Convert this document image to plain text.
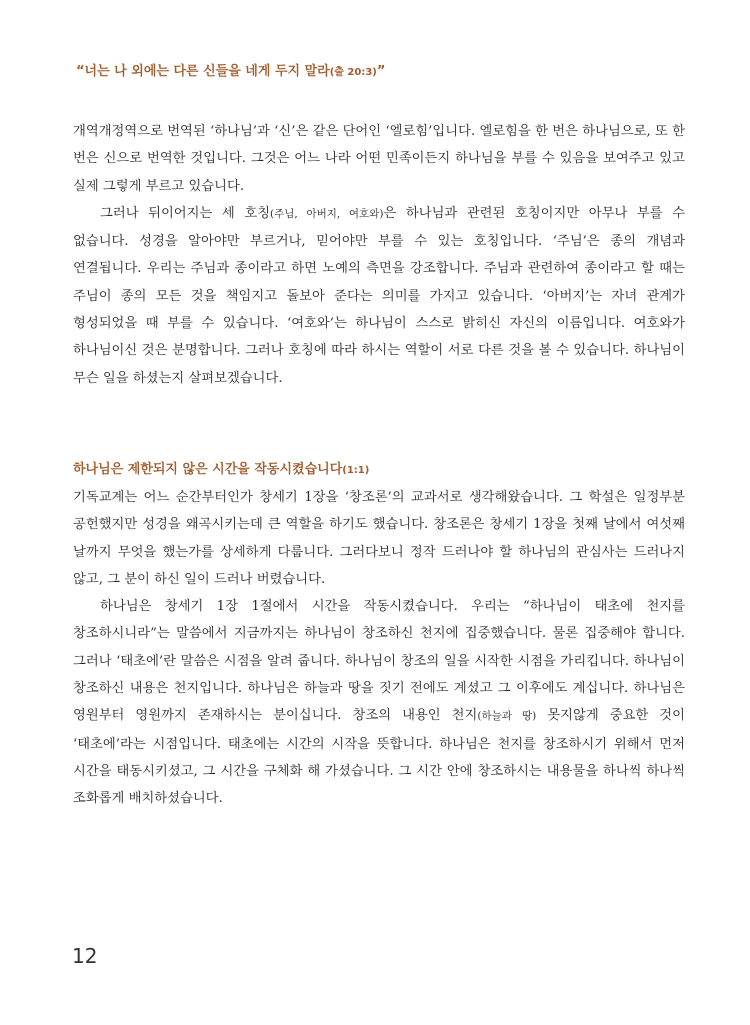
“너는 나 외에는 다른 신들을 네게 두지 말라(출 20:3)”

개역개정역으로 번역된 ‘하나님’과 ‘신’은 같은 단어인 ‘엘로힘’입니다. 엘로힘을 한 번은 하나님으로, 또 한 번은 신으로 번역한 것입니다. 그것은 어느 나라 어떤 민족이든지 하나님을 부를 수 있음을 보여주고 있고 실제 그렇게 부르고 있습니다.

그러나 뒤이어지는 세 호칭(주님, 아버지, 여호와)은 하나님과 관련된 호칭이지만 아무나 부를 수 없습니다. 성경을 알아야만 부르거나, 믿어야만 부를 수 있는 호칭입니다. ‘주님’은 종의 개념과 연결됩니다. 우리는 주님과 종이라고 하면 노예의 측면을 강조합니다. 주님과 관련하여 종이라고 할 때는 주님이 종의 모든 것을 책임지고 돌보아 준다는 의미를 가지고 있습니다. ‘아버지’는 자녀 관계가 형성되었을 때 부를 수 있습니다. ‘여호와’는 하나님이 스스로 밝히신 자신의 이름입니다. 여호와가 하나님이신 것은 분명합니다. 그러나 호칭에 따라 하시는 역할이 서로 다른 것을 볼 수 있습니다. 하나님이 무슨 일을 하셨는지 살펴보겠습니다.

하나님은 제한되지 않은 시간을 작동시켰습니다(1:1)

기독교계는 어느 순간부터인가 창세기 1장을 ‘창조론’의 교과서로 생각해왔습니다. 그 학설은 일정부분 공헌했지만 성경을 왜곡시키는데 큰 역할을 하기도 했습니다. 창조론은 창세기 1장을 첫째 날에서 여섯째 날까지 무엇을 했는가를 상세하게 다룹니다. 그러다보니 정작 드러나야 할 하나님의 관심사는 드러나지 않고, 그 분이 하신 일이 드러나 버렸습니다.

하나님은 창세기 1장 1절에서 시간을 작동시켰습니다. 우리는 “하나님이 태초에 천지를 창조하시니라”는 말씀에서 지금까지는 하나님이 창조하신 천지에 집중했습니다. 물론 집중해야 합니다. 그러나 ‘태초에’란 말씀은 시점을 알려 줍니다. 하나님이 창조의 일을 시작한 시점을 가리킵니다. 하나님이 창조하신 내용은 천지입니다. 하나님은 하늘과 땅을 짓기 전에도 계셨고 그 이후에도 계십니다. 하나님은 영원부터 영원까지 존재하시는 분이십니다. 창조의 내용인 천지(하늘과 땅) 못지않게 중요한 것이 ‘태초에’라는 시점입니다. 태초에는 시간의 시작을 뜻합니다. 하나님은 천지를 창조하시기 위해서 먼저 시간을 태동시키셨고, 그 시간을 구체화 해 가셨습니다. 그 시간 안에 창조하시는 내용물을 하나씩 하나씩 조화롭게 배치하셨습니다.

12
